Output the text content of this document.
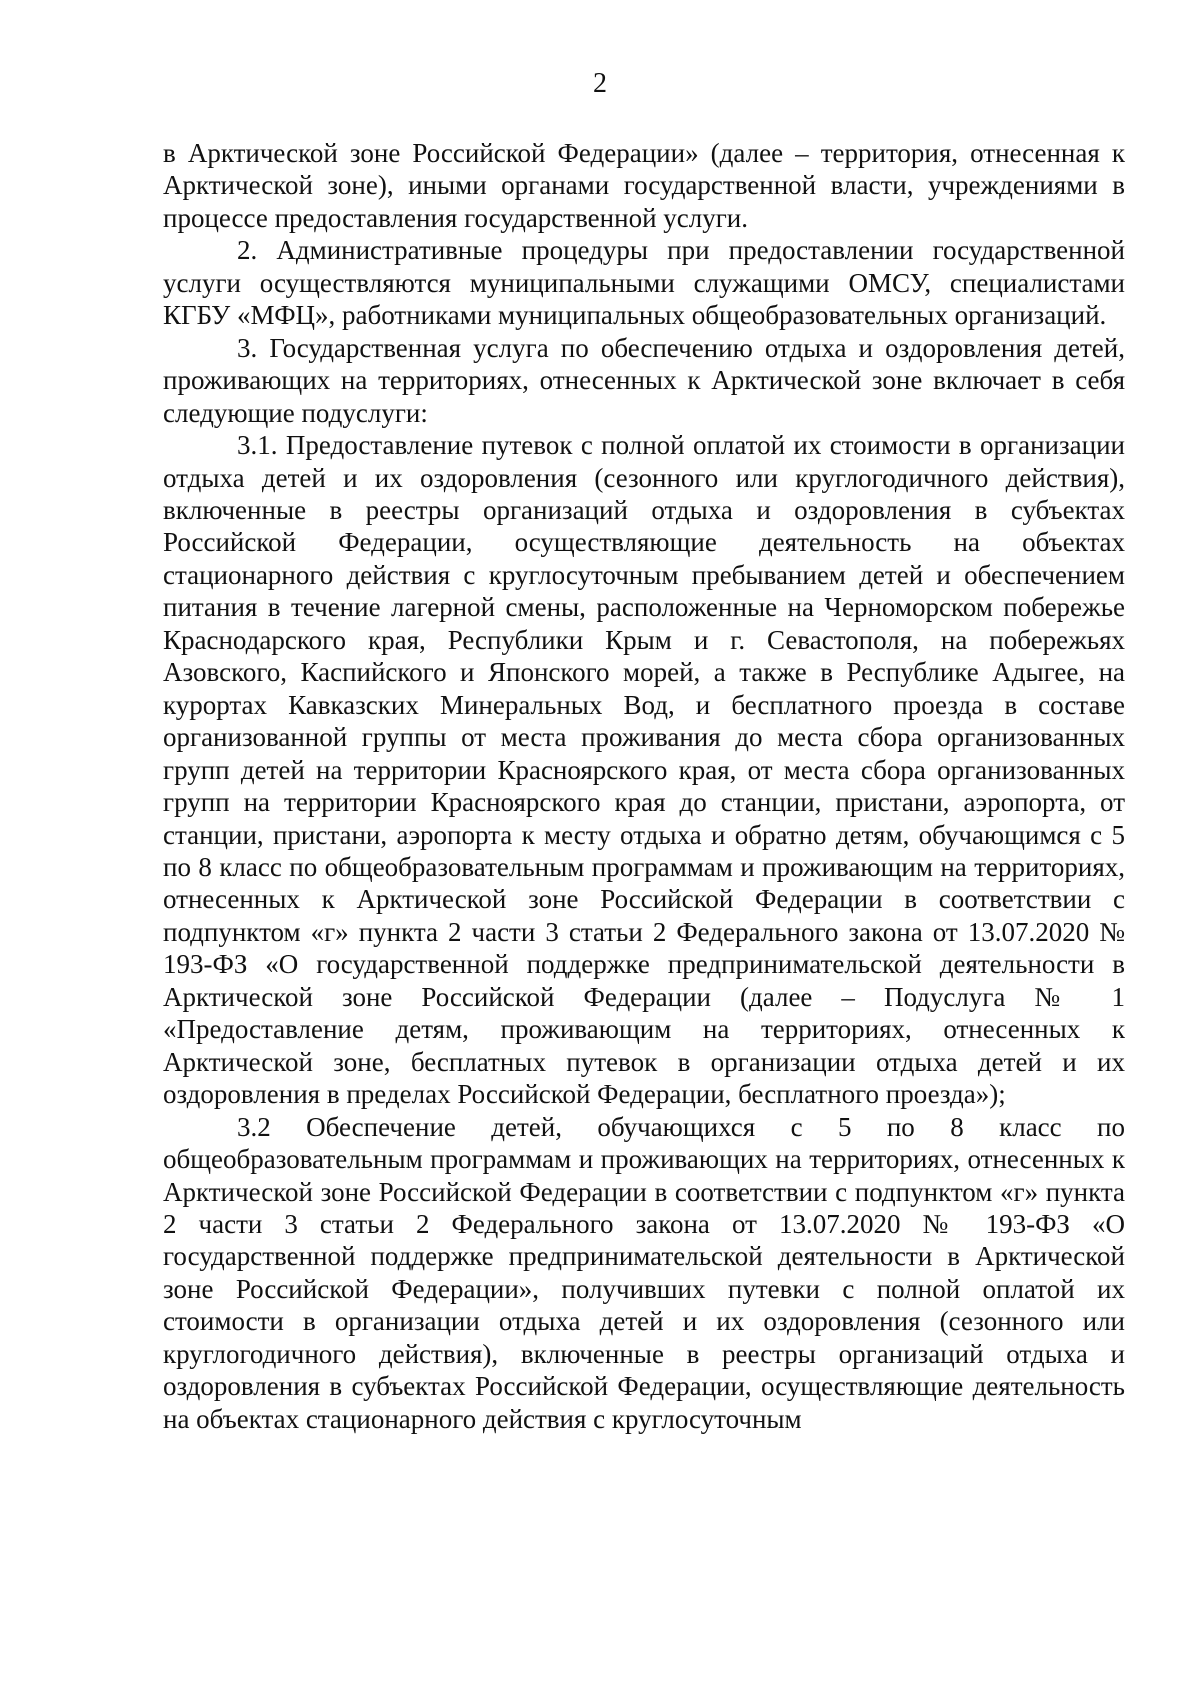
2

в Арктической зоне Российской Федерации» (далее – территория, отнесенная к Арктической зоне), иными органами государственной власти, учреждениями в процессе предоставления государственной услуги.

2. Административные процедуры при предоставлении государственной услуги осуществляются муниципальными служащими ОМСУ, специалистами КГБУ «МФЦ», работниками муниципальных общеобразовательных организаций.

3. Государственная услуга по обеспечению отдыха и оздоровления детей, проживающих на территориях, отнесенных к Арктической зоне включает в себя следующие подуслуги:

3.1. Предоставление путевок с полной оплатой их стоимости в организации отдыха детей и их оздоровления (сезонного или круглогодичного действия), включенные в реестры организаций отдыха и оздоровления в субъектах Российской Федерации, осуществляющие деятельность на объектах стационарного действия с круглосуточным пребыванием детей и обеспечением питания в течение лагерной смены, расположенные на Черноморском побережье Краснодарского края, Республики Крым и г. Севастополя, на побережьях Азовского, Каспийского и Японского морей, а также в Республике Адыгее, на курортах Кавказских Минеральных Вод, и бесплатного проезда в составе организованной группы от места проживания до места сбора организованных групп детей на территории Красноярского края, от места сбора организованных групп на территории Красноярского края до станции, пристани, аэропорта, от станции, пристани, аэропорта к месту отдыха и обратно детям, обучающимся с 5 по 8 класс по общеобразовательным программам и проживающим на территориях, отнесенных к Арктической зоне Российской Федерации в соответствии с подпунктом «г» пункта 2 части 3 статьи 2 Федерального закона от 13.07.2020 № 193-ФЗ «О государственной поддержке предпринимательской деятельности в Арктической зоне Российской Федерации (далее – Подуслуга № 1 «Предоставление детям, проживающим на территориях, отнесенных к Арктической зоне, бесплатных путевок в организации отдыха детей и их оздоровления в пределах Российской Федерации, бесплатного проезда»);

3.2 Обеспечение детей, обучающихся с 5 по 8 класс по общеобразовательным программам и проживающих на территориях, отнесенных к Арктической зоне Российской Федерации в соответствии с подпунктом «г» пункта 2 части 3 статьи 2 Федерального закона от 13.07.2020 № 193-ФЗ «О государственной поддержке предпринимательской деятельности в Арктической зоне Российской Федерации», получивших путевки с полной оплатой их стоимости в организации отдыха детей и их оздоровления (сезонного или круглогодичного действия), включенные в реестры организаций отдыха и оздоровления в субъектах Российской Федерации, осуществляющие деятельность на объектах стационарного действия с круглосуточным
